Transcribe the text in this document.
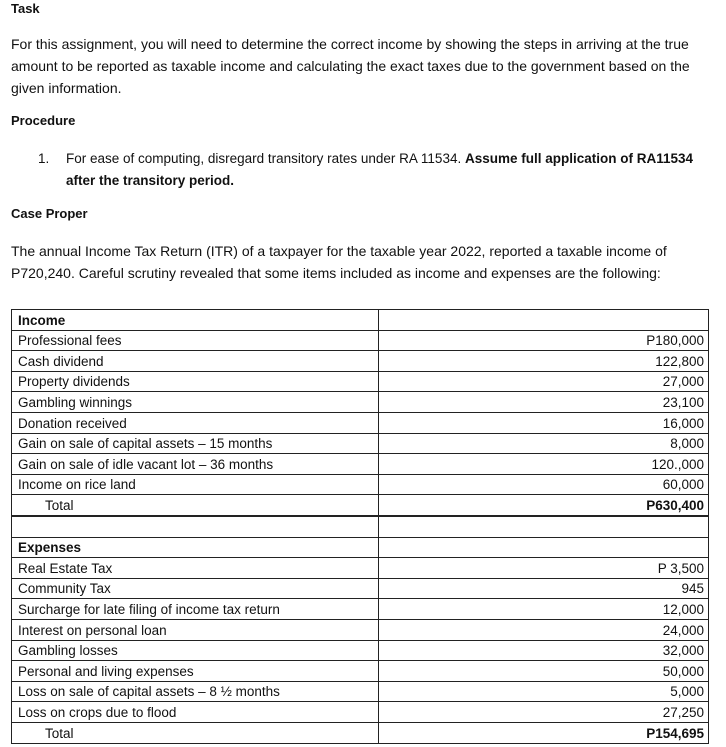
Task

For this assignment, you will need to determine the correct income by showing the steps in arriving at the true amount to be reported as taxable income and calculating the exact taxes due to the government based on the given information.

Procedure

1.	For ease of computing, disregard transitory rates under RA 11534. Assume full application of RA11534 after the transitory period.

Case Proper

The annual Income Tax Return (ITR) of a taxpayer for the taxable year 2022, reported a taxable income of P720,240. Careful scrutiny revealed that some items included as income and expenses are the following:

Income	
Professional fees	P180,000
Cash dividend	122,800
Property dividends	27,000
Gambling winnings	23,100
Donation received	16,000
Gain on sale of capital assets – 15 months	8,000
Gain on sale of idle vacant lot – 36 months	120.,000
Income on rice land	60,000
Total	P630,400

Expenses	
Real Estate Tax	P 3,500
Community Tax	945
Surcharge for late filing of income tax return	12,000
Interest on personal loan	24,000
Gambling losses	32,000
Personal and living expenses	50,000
Loss on sale of capital assets – 8 ½ months	5,000
Loss on crops due to flood	27,250
Total	P154,695
